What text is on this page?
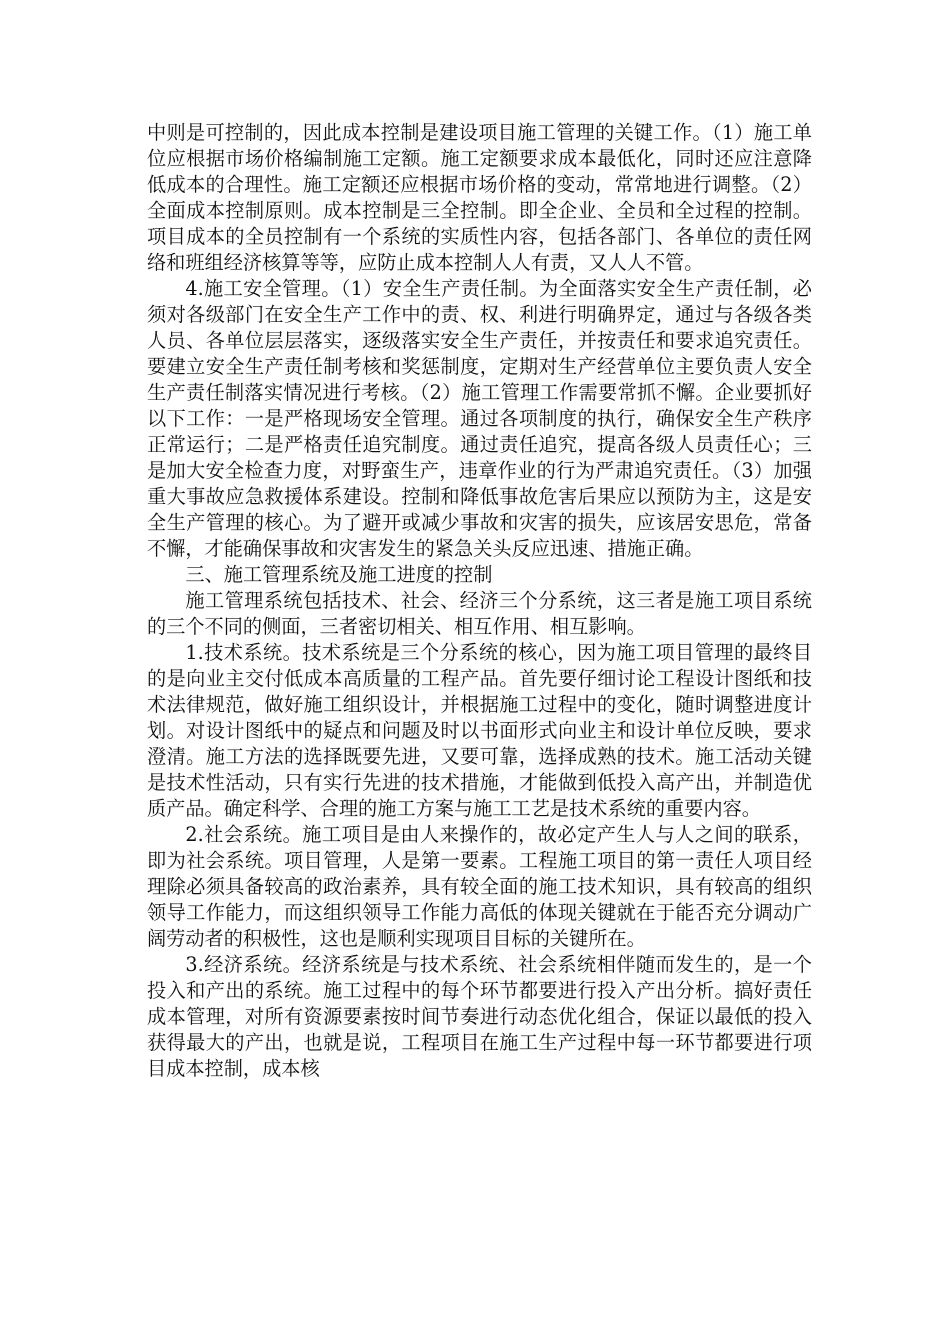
中则是可控制的，因此成本控制是建设项目施工管理的关键工作。（1）施工单位应根据市场价格编制施工定额。施工定额要求成本最低化，同时还应注意降低成本的合理性。施工定额还应根据市场价格的变动，常常地进行调整。（2）全面成本控制原则。成本控制是三全控制。即全企业、全员和全过程的控制。项目成本的全员控制有一个系统的实质性内容，包括各部门、各单位的责任网络和班组经济核算等等，应防止成本控制人人有责，又人人不管。

4.施工安全管理。（1）安全生产责任制。为全面落实安全生产责任制，必须对各级部门在安全生产工作中的责、权、利进行明确界定，通过与各级各类人员、各单位层层落实，逐级落实安全生产责任，并按责任和要求追究责任。要建立安全生产责任制考核和奖惩制度，定期对生产经营单位主要负责人安全生产责任制落实情况进行考核。（2）施工管理工作需要常抓不懈。企业要抓好以下工作：一是严格现场安全管理。通过各项制度的执行，确保安全生产秩序正常运行；二是严格责任追究制度。通过责任追究，提高各级人员责任心；三是加大安全检查力度，对野蛮生产，违章作业的行为严肃追究责任。（3）加强重大事故应急救援体系建设。控制和降低事故危害后果应以预防为主，这是安全生产管理的核心。为了避开或减少事故和灾害的损失，应该居安思危，常备不懈，才能确保事故和灾害发生的紧急关头反应迅速、措施正确。

三、施工管理系统及施工进度的控制

施工管理系统包括技术、社会、经济三个分系统，这三者是施工项目系统的三个不同的侧面，三者密切相关、相互作用、相互影响。

1.技术系统。技术系统是三个分系统的核心，因为施工项目管理的最终目的是向业主交付低成本高质量的工程产品。首先要仔细讨论工程设计图纸和技术法律规范，做好施工组织设计，并根据施工过程中的变化，随时调整进度计划。对设计图纸中的疑点和问题及时以书面形式向业主和设计单位反映，要求澄清。施工方法的选择既要先进，又要可靠，选择成熟的技术。施工活动关键是技术性活动，只有实行先进的技术措施，才能做到低投入高产出，并制造优质产品。确定科学、合理的施工方案与施工工艺是技术系统的重要内容。

2.社会系统。施工项目是由人来操作的，故必定产生人与人之间的联系，即为社会系统。项目管理，人是第一要素。工程施工项目的第一责任人项目经理除必须具备较高的政治素养，具有较全面的施工技术知识，具有较高的组织领导工作能力，而这组织领导工作能力高低的体现关键就在于能否充分调动广阔劳动者的积极性，这也是顺利实现项目目标的关键所在。

3.经济系统。经济系统是与技术系统、社会系统相伴随而发生的，是一个投入和产出的系统。施工过程中的每个环节都要进行投入产出分析。搞好责任成本管理，对所有资源要素按时间节奏进行动态优化组合，保证以最低的投入获得最大的产出，也就是说，工程项目在施工生产过程中每一环节都要进行项目成本控制，成本核
